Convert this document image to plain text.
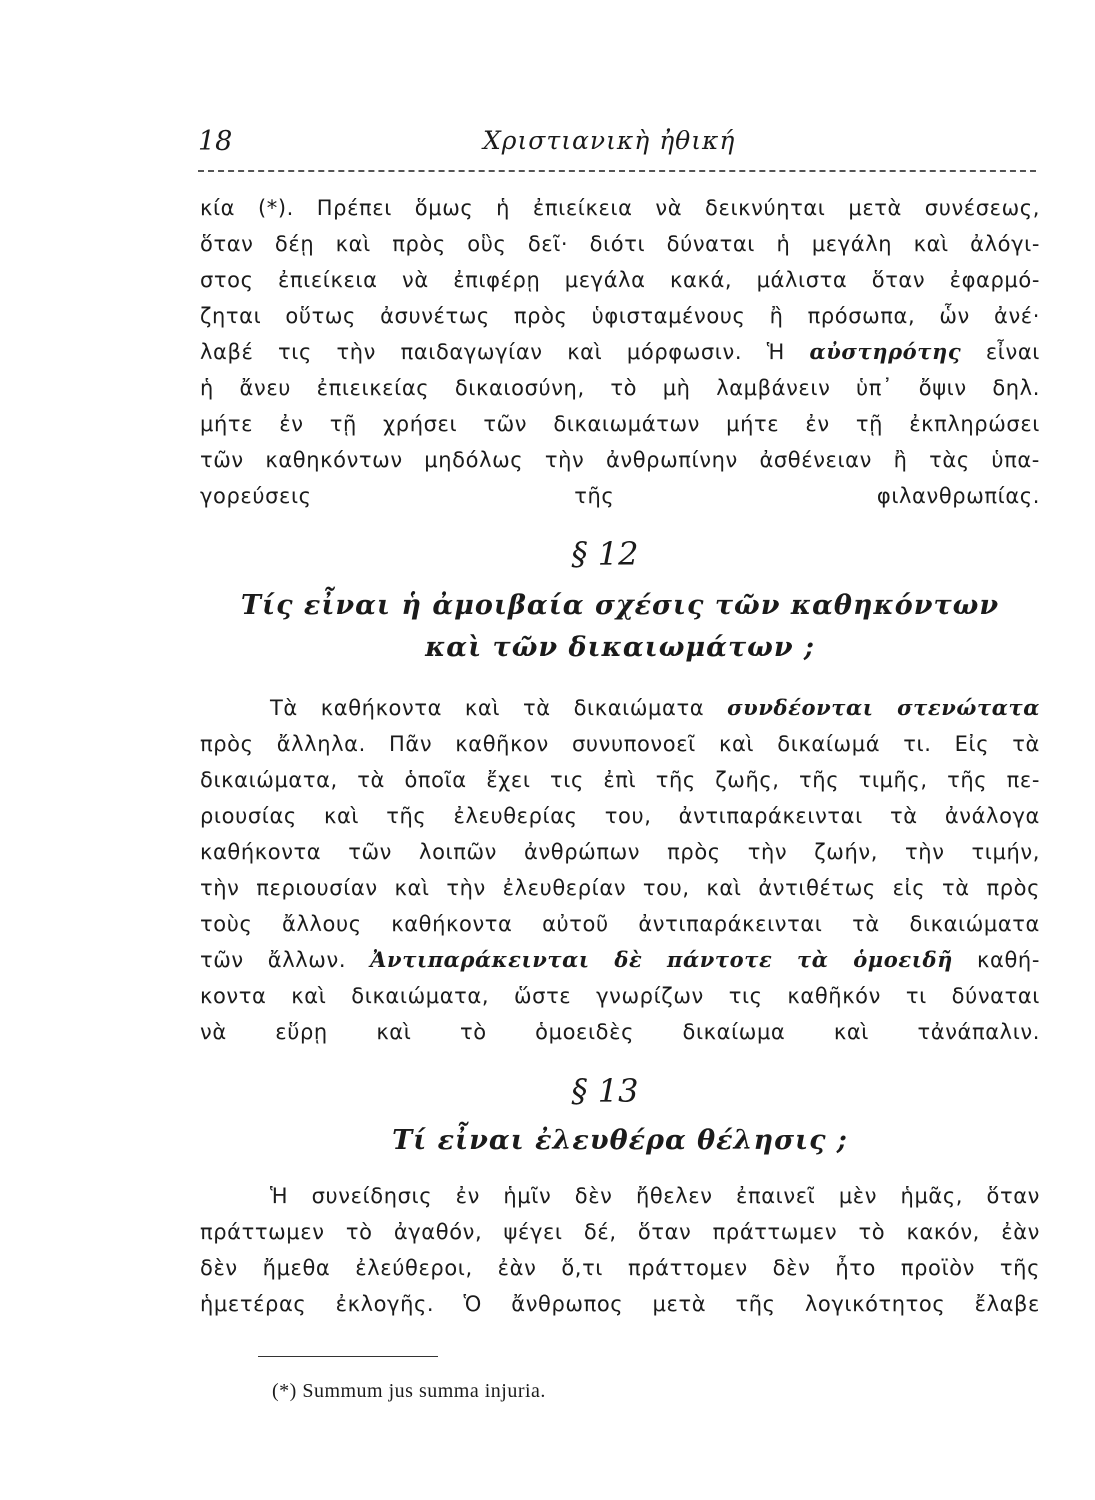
18	Χριστιανικὴ ἠθική
κία (*). Πρέπει ὅμως ἡ ἐπιείκεια νὰ δεικνύηται μετὰ συνέσεως,
ὅταν δέῃ καὶ πρὸς οὓς δεῖ· διότι δύναται ἡ μεγάλη καὶ ἀλόγι-
στος ἐπιείκεια νὰ ἐπιφέρῃ μεγάλα κακά, μάλιστα ὅταν ἐφαρμό-
ζηται οὕτως ἀσυνέτως πρὸς ὑφισταμένους ἢ πρόσωπα, ὧν ἀνέ·
λαβέ τις τὴν παιδαγωγίαν καὶ μόρφωσιν. Ἡ αὐστηρότης εἶναι
ἡ ἄνευ ἐπιεικείας δικαιοσύνη, τὸ μὴ λαμβάνειν ὑπ᾽ ὄψιν δηλ.
μήτε ἐν τῇ χρήσει τῶν δικαιωμάτων μήτε ἐν τῇ ἐκπληρώσει
τῶν καθηκόντων μηδόλως τὴν ἀνθρωπίνην ἀσθένειαν ἢ τὰς ὑπα-
γορεύσεις τῆς φιλανθρωπίας.
§ 12
Τίς εἶναι ἡ ἀμοιβαία σχέσις τῶν καθηκόντων
καὶ τῶν δικαιωμάτων ;
Τὰ καθήκοντα καὶ τὰ δικαιώματα συνδέονται στενώτατα
πρὸς ἄλληλα. Πᾶν καθῆκον συνυπονοεῖ καὶ δικαίωμά τι. Εἰς τὰ
δικαιώματα, τὰ ὁποῖα ἔχει τις ἐπὶ τῆς ζωῆς, τῆς τιμῆς, τῆς πε-
ριουσίας καὶ τῆς ἐλευθερίας του, ἀντιπαράκεινται τὰ ἀνάλογα
καθήκοντα τῶν λοιπῶν ἀνθρώπων πρὸς τὴν ζωήν, τὴν τιμήν,
τὴν περιουσίαν καὶ τὴν ἐλευθερίαν του, καὶ ἀντιθέτως εἰς τὰ πρὸς
τοὺς ἄλλους καθήκοντα αὐτοῦ ἀντιπαράκεινται τὰ δικαιώματα
τῶν ἄλλων. Ἀντιπαράκεινται δὲ πάντοτε τὰ ὁμοειδῆ καθή-
κοντα καὶ δικαιώματα, ὥστε γνωρίζων τις καθῆκόν τι δύναται
νὰ εὕρῃ καὶ τὸ ὁμοειδὲς δικαίωμα καὶ τἀνάπαλιν.
§ 13
Τί εἶναι ἐλευθέρα θέλησις ;
Ἡ συνείδησις ἐν ἡμῖν δὲν ἤθελεν ἐπαινεῖ μὲν ἡμᾶς, ὅταν
πράττωμεν τὸ ἀγαθόν, ψέγει δέ, ὅταν πράττωμεν τὸ κακόν, ἐὰν
δὲν ἤμεθα ἐλεύθεροι, ἐὰν ὅ,τι πράττομεν δὲν ἦτο προϊὸν τῆς
ἡμετέρας ἐκλογῆς. Ὁ ἄνθρωπος μετὰ τῆς λογικότητος ἔλαβε
(*) Summum jus summa injuria.
